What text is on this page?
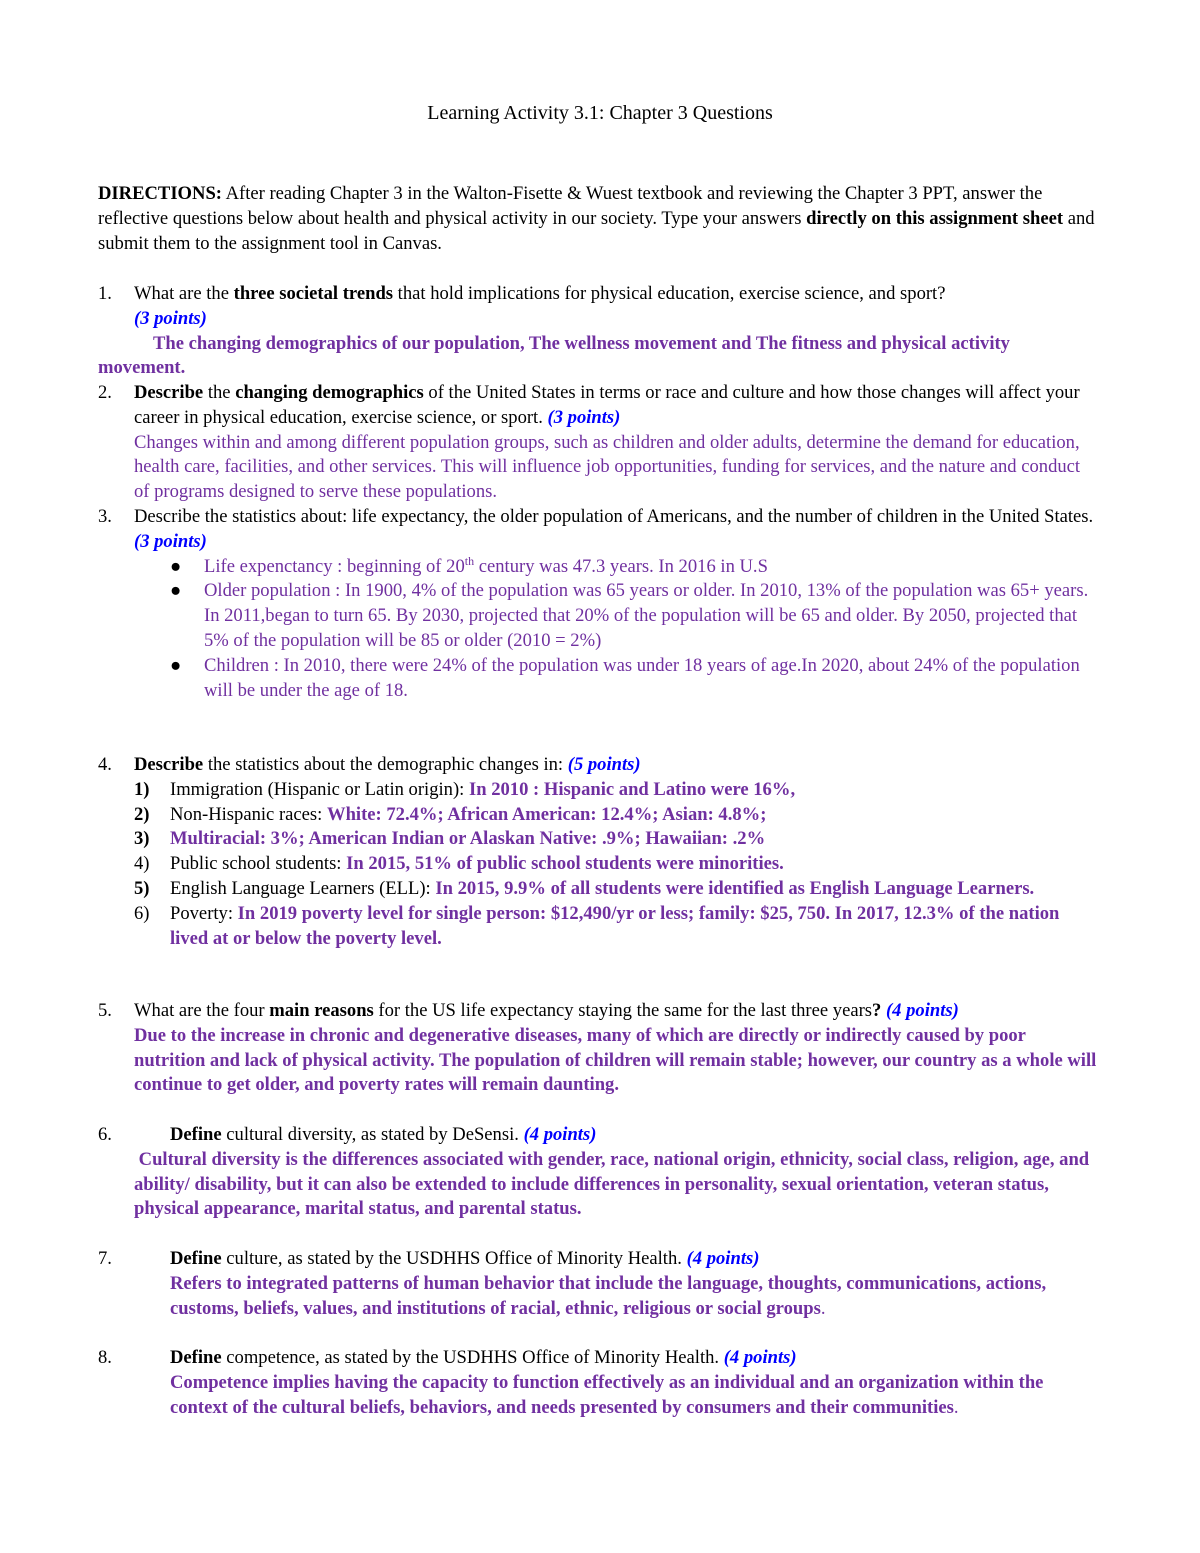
Learning Activity 3.1: Chapter 3 Questions
DIRECTIONS: After reading Chapter 3 in the Walton-Fisette & Wuest textbook and reviewing the Chapter 3 PPT, answer the reflective questions below about health and physical activity in our society. Type your answers directly on this assignment sheet and submit them to the assignment tool in Canvas.
1. What are the three societal trends that hold implications for physical education, exercise science, and sport?
(3 points)
The changing demographics of our population, The wellness movement and The fitness and physical activity movement.
2. Describe the changing demographics of the United States in terms or race and culture and how those changes will affect your career in physical education, exercise science, or sport. (3 points)
Changes within and among different population groups, such as children and older adults, determine the demand for education, health care, facilities, and other services. This will influence job opportunities, funding for services, and the nature and conduct of programs designed to serve these populations.
3. Describe the statistics about: life expectancy, the older population of Americans, and the number of children in the United States. (3 points)
● Life expenctancy : beginning of 20th century was 47.3 years. In 2016 in U.S
● Older population : In 1900, 4% of the population was 65 years or older. In 2010, 13% of the population was 65+ years. In 2011,began to turn 65. By 2030, projected that 20% of the population will be 65 and older. By 2050, projected that 5% of the population will be 85 or older (2010 = 2%)
● Children : In 2010, there were 24% of the population was under 18 years of age.In 2020, about 24% of the population will be under the age of 18.
4. Describe the statistics about the demographic changes in: (5 points)
1) Immigration (Hispanic or Latin origin): In 2010 : Hispanic and Latino were 16%,
2) Non-Hispanic races: White: 72.4%; African American: 12.4%; Asian: 4.8%;
3) Multiracial: 3%; American Indian or Alaskan Native: .9%; Hawaiian: .2%
4) Public school students: In 2015, 51% of public school students were minorities.
5) English Language Learners (ELL): In 2015, 9.9% of all students were identified as English Language Learners.
6) Poverty: In 2019 poverty level for single person: $12,490/yr or less; family: $25, 750. In 2017, 12.3% of the nation lived at or below the poverty level.
5. What are the four main reasons for the US life expectancy staying the same for the last three years? (4 points)
Due to the increase in chronic and degenerative diseases, many of which are directly or indirectly caused by poor nutrition and lack of physical activity. The population of children will remain stable; however, our country as a whole will continue to get older, and poverty rates will remain daunting.
6.	Define cultural diversity, as stated by DeSensi. (4 points)
Cultural diversity is the differences associated with gender, race, national origin, ethnicity, social class, religion, age, and ability/ disability, but it can also be extended to include differences in personality, sexual orientation, veteran status, physical appearance, marital status, and parental status.
7.	Define culture, as stated by the USDHHS Office of Minority Health. (4 points)
Refers to integrated patterns of human behavior that include the language, thoughts, communications, actions, customs, beliefs, values, and institutions of racial, ethnic, religious or social groups.
8.	Define competence, as stated by the USDHHS Office of Minority Health. (4 points)
Competence implies having the capacity to function effectively as an individual and an organization within the context of the cultural beliefs, behaviors, and needs presented by consumers and their communities.
